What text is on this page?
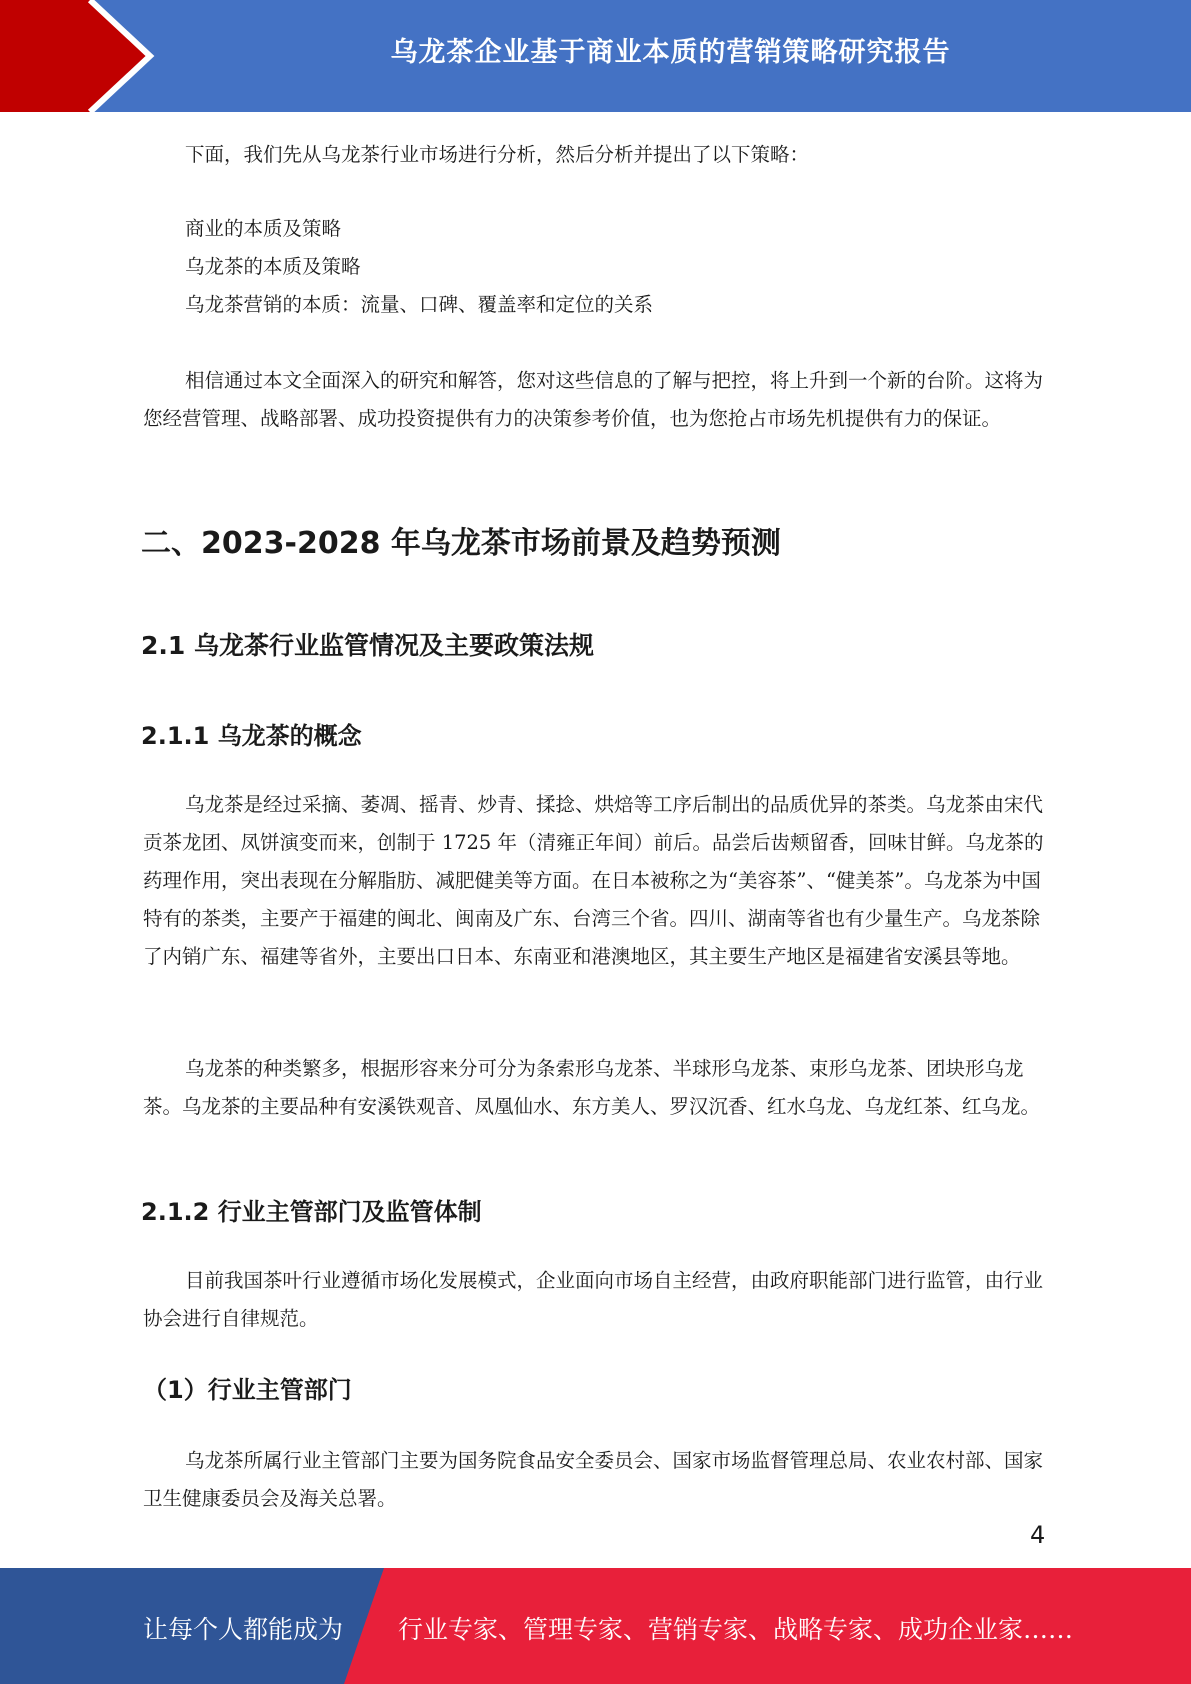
乌龙茶企业基于商业本质的营销策略研究报告

下面，我们先从乌龙茶行业市场进行分析，然后分析并提出了以下策略：

商业的本质及策略
乌龙茶的本质及策略
乌龙茶营销的本质：流量、口碑、覆盖率和定位的关系

相信通过本文全面深入的研究和解答，您对这些信息的了解与把控，将上升到一个新的台阶。这将为您经营管理、战略部署、成功投资提供有力的决策参考价值，也为您抢占市场先机提供有力的保证。

二、2023-2028 年乌龙茶市场前景及趋势预测
2.1 乌龙茶行业监管情况及主要政策法规
2.1.1 乌龙茶的概念

乌龙茶是经过采摘、萎凋、摇青、炒青、揉捻、烘焙等工序后制出的品质优异的茶类。乌龙茶由宋代贡茶龙团、凤饼演变而来，创制于 1725 年（清雍正年间）前后。品尝后齿颊留香，回味甘鲜。乌龙茶的药理作用，突出表现在分解脂肪、减肥健美等方面。在日本被称之为“美容茶”、“健美茶”。乌龙茶为中国特有的茶类，主要产于福建的闽北、闽南及广东、台湾三个省。四川、湖南等省也有少量生产。乌龙茶除了内销广东、福建等省外，主要出口日本、东南亚和港澳地区，其主要生产地区是福建省安溪县等地。

乌龙茶的种类繁多，根据形容来分可分为条索形乌龙茶、半球形乌龙茶、束形乌龙茶、团块形乌龙茶。乌龙茶的主要品种有安溪铁观音、凤凰仙水、东方美人、罗汉沉香、红水乌龙、乌龙红茶、红乌龙。

2.1.2 行业主管部门及监管体制

目前我国茶叶行业遵循市场化发展模式，企业面向市场自主经营，由政府职能部门进行监管，由行业协会进行自律规范。

（1）行业主管部门

乌龙茶所属行业主管部门主要为国务院食品安全委员会、国家市场监督管理总局、农业农村部、国家卫生健康委员会及海关总署。

4
让每个人都能成为 行业专家、管理专家、营销专家、战略专家、成功企业家……
